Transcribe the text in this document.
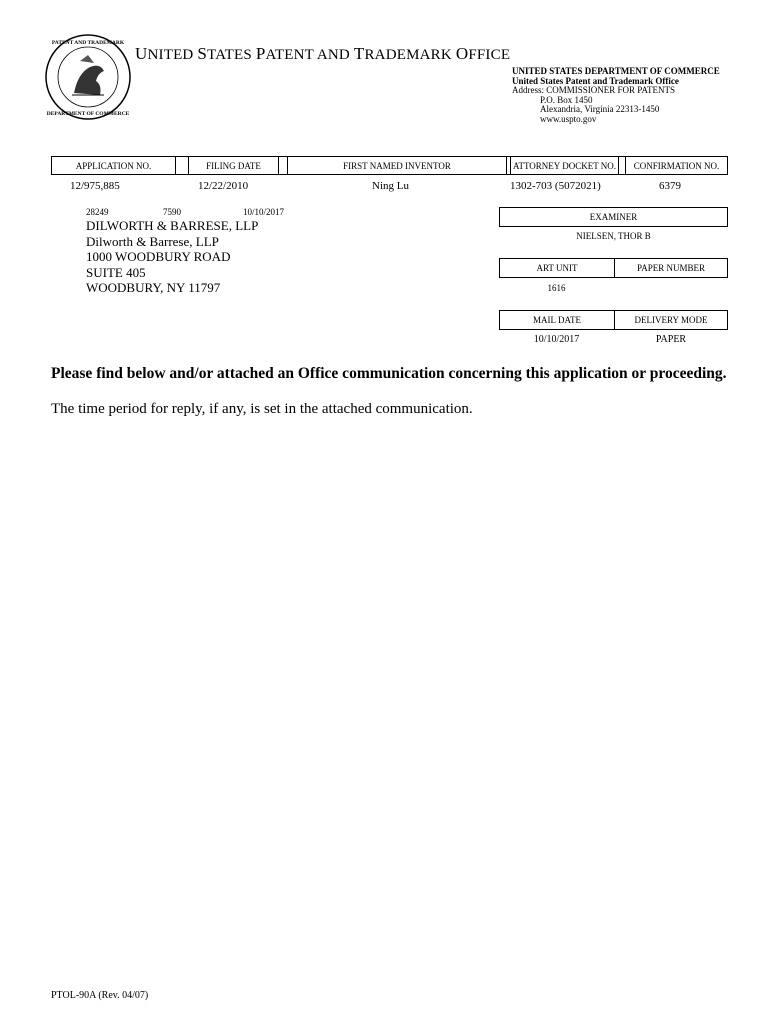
PATENT AND TRADEMARK
DEPARTMENT OF COMMERCE
UNITED STATES PATENT AND TRADEMARK OFFICE
UNITED STATES DEPARTMENT OF COMMERCE
United States Patent and Trademark Office
Address: COMMISSIONER FOR PATENTS
P.O. Box 1450
Alexandria, Virginia 22313-1450
www.uspto.gov
APPLICATION NO.	FILING DATE	FIRST NAMED INVENTOR	ATTORNEY DOCKET NO.	CONFIRMATION NO.
12/975,885	12/22/2010	Ning Lu	1302-703 (5072021)	6379
28249	7590	10/10/2017
DILWORTH & BARRESE, LLP
Dilworth & Barrese, LLP
1000 WOODBURY ROAD
SUITE 405
WOODBURY, NY 11797
EXAMINER
NIELSEN, THOR B
ART UNIT	PAPER NUMBER
1616
MAIL DATE	DELIVERY MODE
10/10/2017	PAPER
Please find below and/or attached an Office communication concerning this application or proceeding.
The time period for reply, if any, is set in the attached communication.
PTOL-90A (Rev. 04/07)
